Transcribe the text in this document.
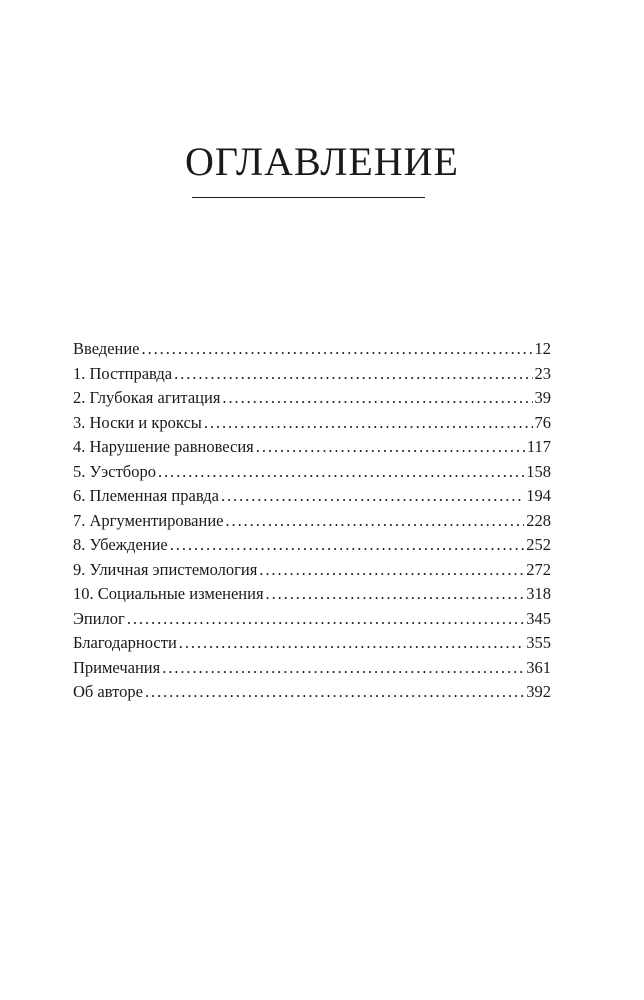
ОГЛАВЛЕНИЕ
Введение . . .	12
1. Постправда . . .	23
2. Глубокая агитация . . .	39
3. Носки и кроксы . . .	76
4. Нарушение равновесия . . .	117
5. Уэстборо . . .	158
6. Племенная правда . . .	194
7. Аргументирование . . .	228
8. Убеждение . . .	252
9. Уличная эпистемология . . .	272
10. Социальные изменения . . .	318
Эпилог . . .	345
Благодарности . . .	355
Примечания . . .	361
Об авторе . . .	392
